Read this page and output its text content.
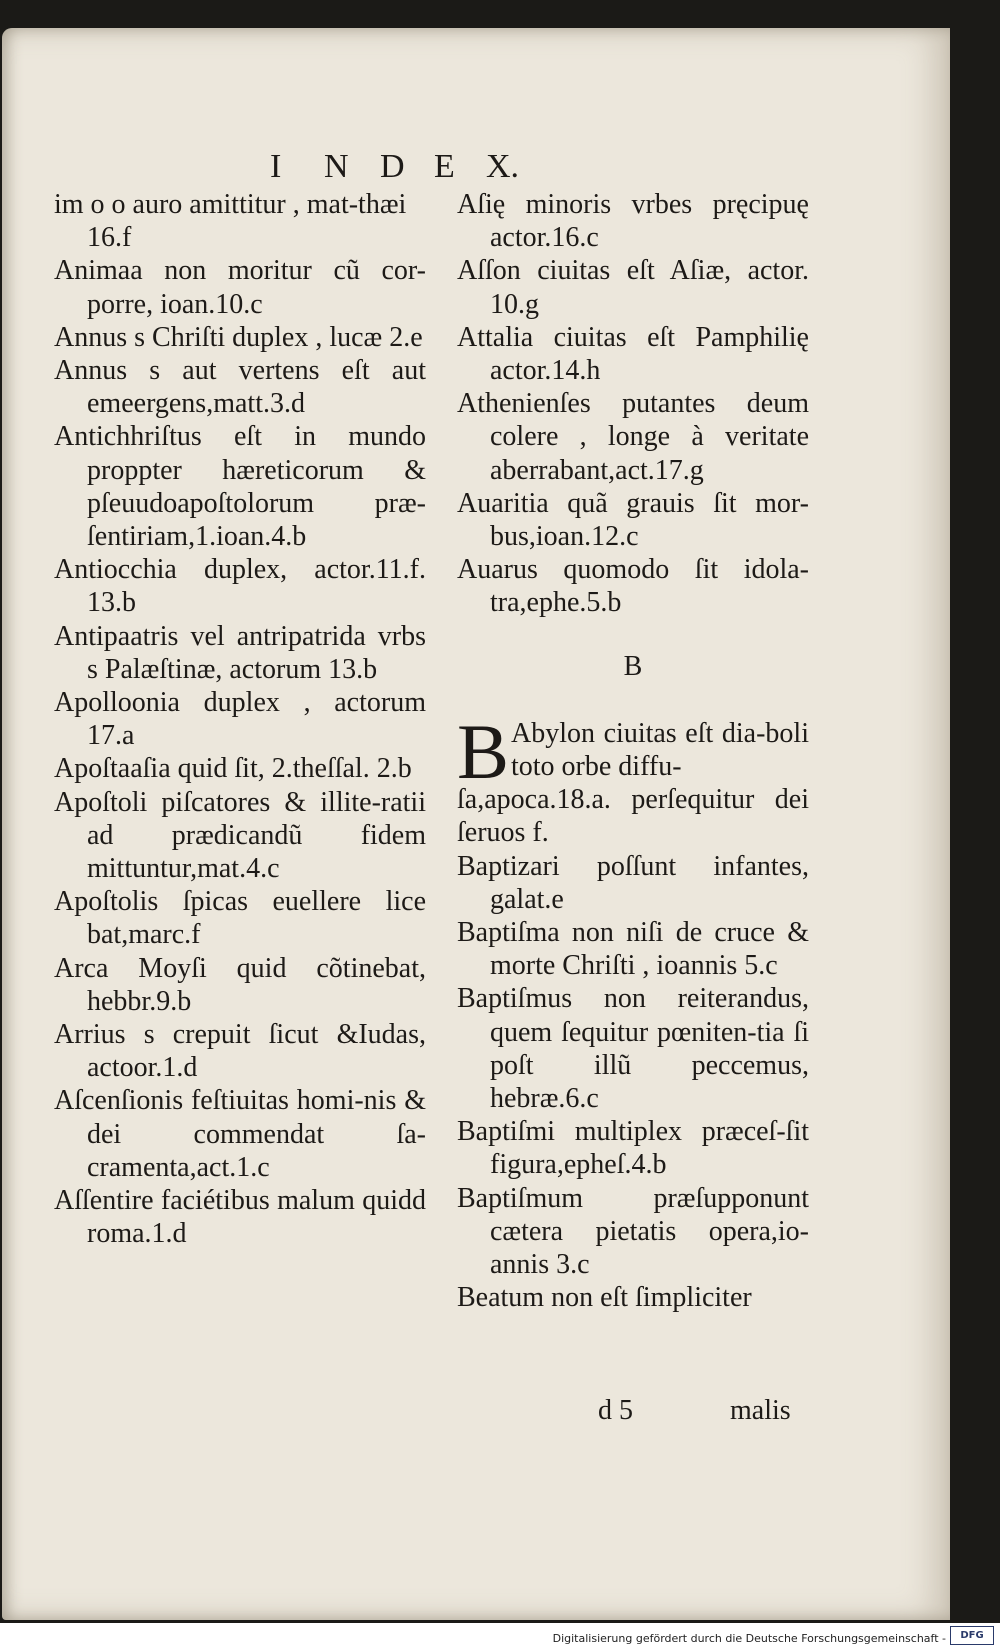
I N D E X.
im o o auro amittitur , mat-thæi 16.f
Animaa non moritur cũ cor-porre, ioan.10.c
Annus s Chriſti duplex , lucæ 2.e
Annus s aut vertens eſt aut emeergens,matt.3.d
Antichhriſtus eſt in mundo proppter hæreticorum & pſeuudoapoſtolorum præ-ſentiriam,1.ioan.4.b
Antiocchia duplex, actor.11.f. 13.b
Antipaatris vel antripatrida vrbs s Palæſtinæ, actorum 13.b
Apolloonia duplex , actorum 17.a
Apoſtaaſia quid ſit, 2.theſſal. 2.b
Apoſtoli piſcatores & illite-ratii ad prædicandũ fidem mittuntur,mat.4.c
Apoſtolis ſpicas euellere lice bat,marc.f
Arca Moyſi quid cõtinebat, hebbr.9.b
Arrius s crepuit ſicut &Iudas, actoor.1.d
Aſcenſionis feſtiuitas homi-nis & dei commendat ſa-cramenta,act.1.c
Aſſentire faciétibus malum quidd roma.1.d
Aſię minoris vrbes pręcipuę actor.16.c
Aſſon ciuitas eſt Aſiæ, actor. 10.g
Attalia ciuitas eſt Pamphilię actor.14.h
Athenienſes putantes deum colere , longe à veritate aberrabant,act.17.g
Auaritia quã grauis ſit mor-bus,ioan.12.c
Auarus quomodo ſit idola-tra,ephe.5.b
B
B Abylon ciuitas eſt dia-boli toto orbe diffu-
ſa,apoca.18.a. perſequitur dei ſeruos f.
Baptizari poſſunt infantes, galat.e
Baptiſma non niſi de cruce & morte Chriſti , ioannis 5.c
Baptiſmus non reiterandus, quem ſequitur pœniten-tia ſi poſt illũ peccemus, hebræ.6.c
Baptiſmi multiplex præceſ-ſit figura,epheſ.4.b
Baptiſmum præſupponunt cætera pietatis opera,io-annis 3.c
Beatum non eſt ſimpliciter
d 5	malis
Digitalisierung gefördert durch die Deutsche Forschungsgemeinschaft -	DFG
